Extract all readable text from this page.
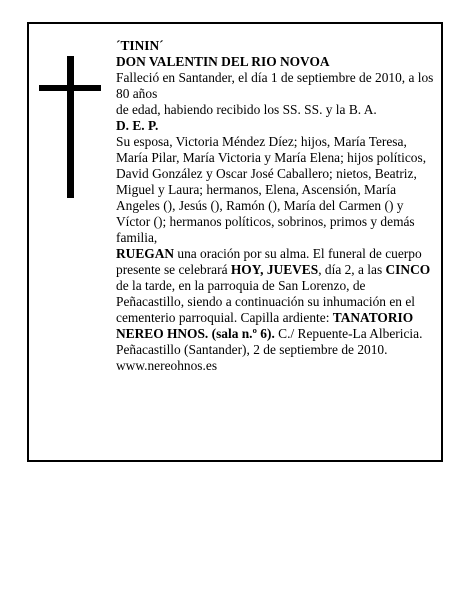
´TININ´

DON VALENTIN DEL RIO NOVOA

Falleció en Santander, el día 1 de septiembre de 2010, a los 80 años

de edad, habiendo recibido los SS. SS. y la B. A.

D. E. P.

Su esposa, Victoria Méndez Díez; hijos, María Teresa, María Pilar, María Victoria y María Elena; hijos políticos, David González y Oscar José Caballero; nietos, Beatriz, Miguel y Laura; hermanos, Elena, Ascensión, María Angeles (), Jesús (), Ramón (), María del Carmen () y Víctor (); hermanos políticos, sobrinos, primos y demás familia,

RUEGAN una oración por su alma. El funeral de cuerpo presente se celebrará HOY, JUEVES, día 2, a las CINCO de la tarde, en la parroquia de San Lorenzo, de Peñacastillo, siendo a continuación su inhumación en el cementerio parroquial. Capilla ardiente: TANATORIO NEREO HNOS. (sala n.º 6). C./ Repuente-La Albericia.

Peñacastillo (Santander), 2 de septiembre de 2010.

www.nereohnos.es
